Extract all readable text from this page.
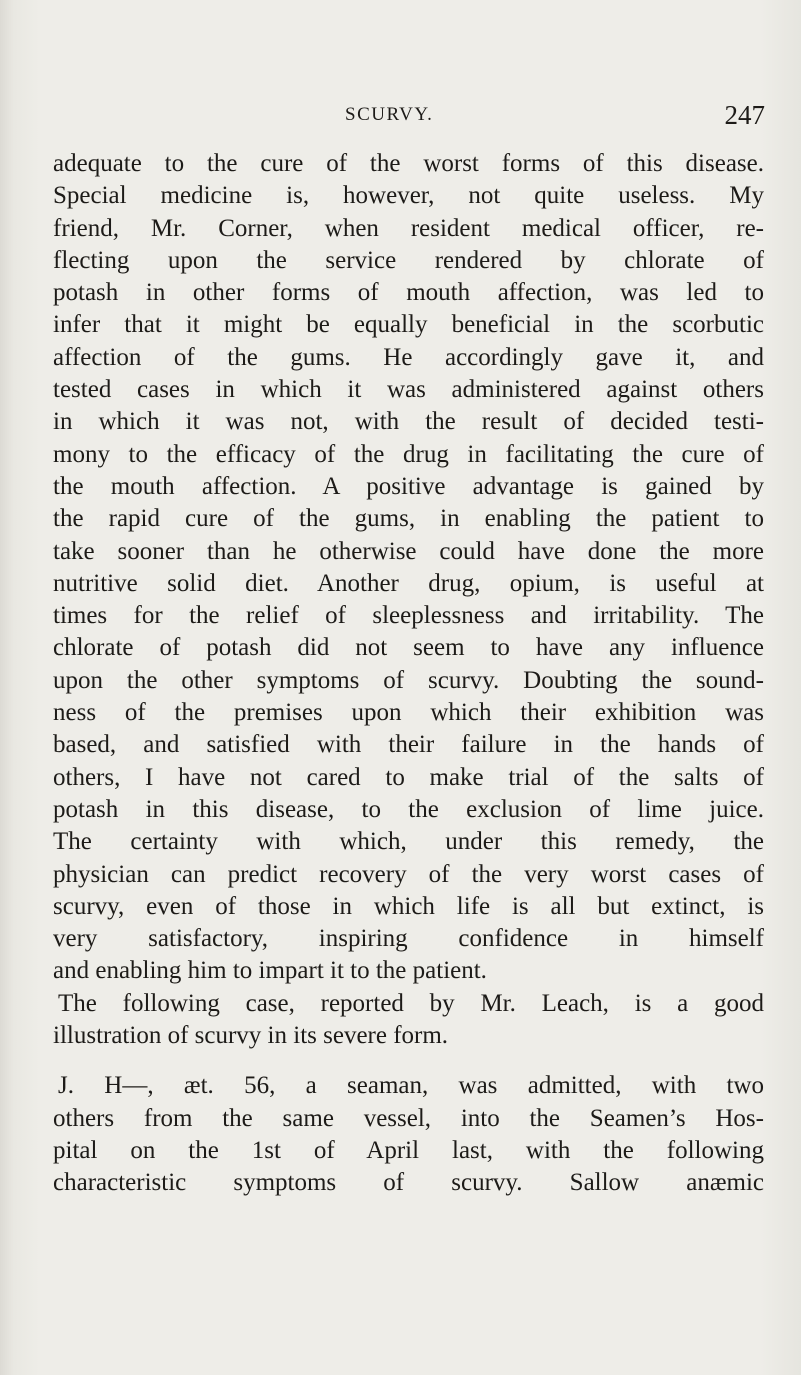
SCURVY.	247
adequate to the cure of the worst forms of this disease.
Special medicine is, however, not quite useless. My
friend, Mr. Corner, when resident medical officer, re-
flecting upon the service rendered by chlorate of
potash in other forms of mouth affection, was led to
infer that it might be equally beneficial in the scorbutic
affection of the gums. He accordingly gave it, and
tested cases in which it was administered against others
in which it was not, with the result of decided testi-
mony to the efficacy of the drug in facilitating the cure of
the mouth affection. A positive advantage is gained by
the rapid cure of the gums, in enabling the patient to
take sooner than he otherwise could have done the more
nutritive solid diet. Another drug, opium, is useful at
times for the relief of sleeplessness and irritability. The
chlorate of potash did not seem to have any influence
upon the other symptoms of scurvy. Doubting the sound-
ness of the premises upon which their exhibition was
based, and satisfied with their failure in the hands of
others, I have not cared to make trial of the salts of
potash in this disease, to the exclusion of lime juice.
The certainty with which, under this remedy, the
physician can predict recovery of the very worst cases of
scurvy, even of those in which life is all but extinct, is
very satisfactory, inspiring confidence in himself
and enabling him to impart it to the patient.
The following case, reported by Mr. Leach, is a good
illustration of scurvy in its severe form.
J. H—, æt. 56, a seaman, was admitted, with two
others from the same vessel, into the Seamen’s Hos-
pital on the 1st of April last, with the following
characteristic symptoms of scurvy. Sallow anæmic
